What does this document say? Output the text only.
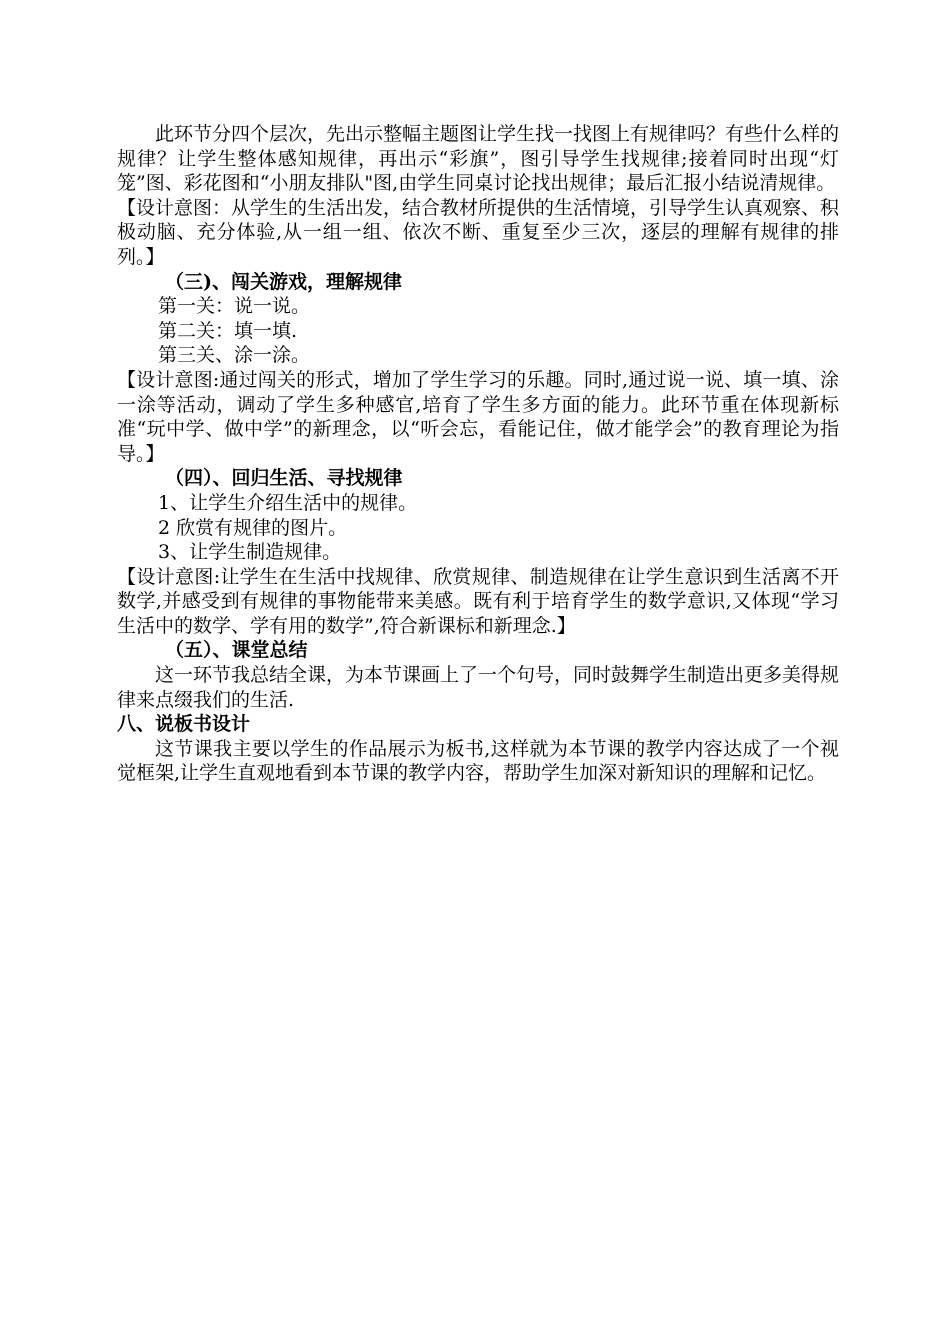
此环节分四个层次，先出示整幅主题图让学生找一找图上有规律吗？有些什么样的规律？让学生整体感知规律，再出示“彩旗”，图引导学生找规律;接着同时出现“灯笼”图、彩花图和“小朋友排队"图,由学生同桌讨论找出规律；最后汇报小结说清规律。

【设计意图：从学生的生活出发，结合教材所提供的生活情境，引导学生认真观察、积极动脑、充分体验,从一组一组、依次不断、重复至少三次，逐层的理解有规律的排列。】

（三)、闯关游戏，理解规律

第一关：说一说。

第二关：填一填.

第三关、涂一涂。

【设计意图:通过闯关的形式，增加了学生学习的乐趣。同时,通过说一说、填一填、涂一涂等活动，调动了学生多种感官,培育了学生多方面的能力。此环节重在体现新标准“玩中学、做中学”的新理念，以“听会忘，看能记住，做才能学会”的教育理论为指导。】

（四）、回归生活、寻找规律

1、让学生介绍生活中的规律。

2 欣赏有规律的图片。

3、让学生制造规律。

【设计意图:让学生在生活中找规律、欣赏规律、制造规律在让学生意识到生活离不开数学,并感受到有规律的事物能带来美感。既有利于培育学生的数学意识,又体现“学习生活中的数学、学有用的数学”,符合新课标和新理念.】

（五）、课堂总结

这一环节我总结全课，为本节课画上了一个句号，同时鼓舞学生制造出更多美得规律来点缀我们的生活.

八、说板书设计

这节课我主要以学生的作品展示为板书,这样就为本节课的教学内容达成了一个视觉框架,让学生直观地看到本节课的教学内容，帮助学生加深对新知识的理解和记忆。
